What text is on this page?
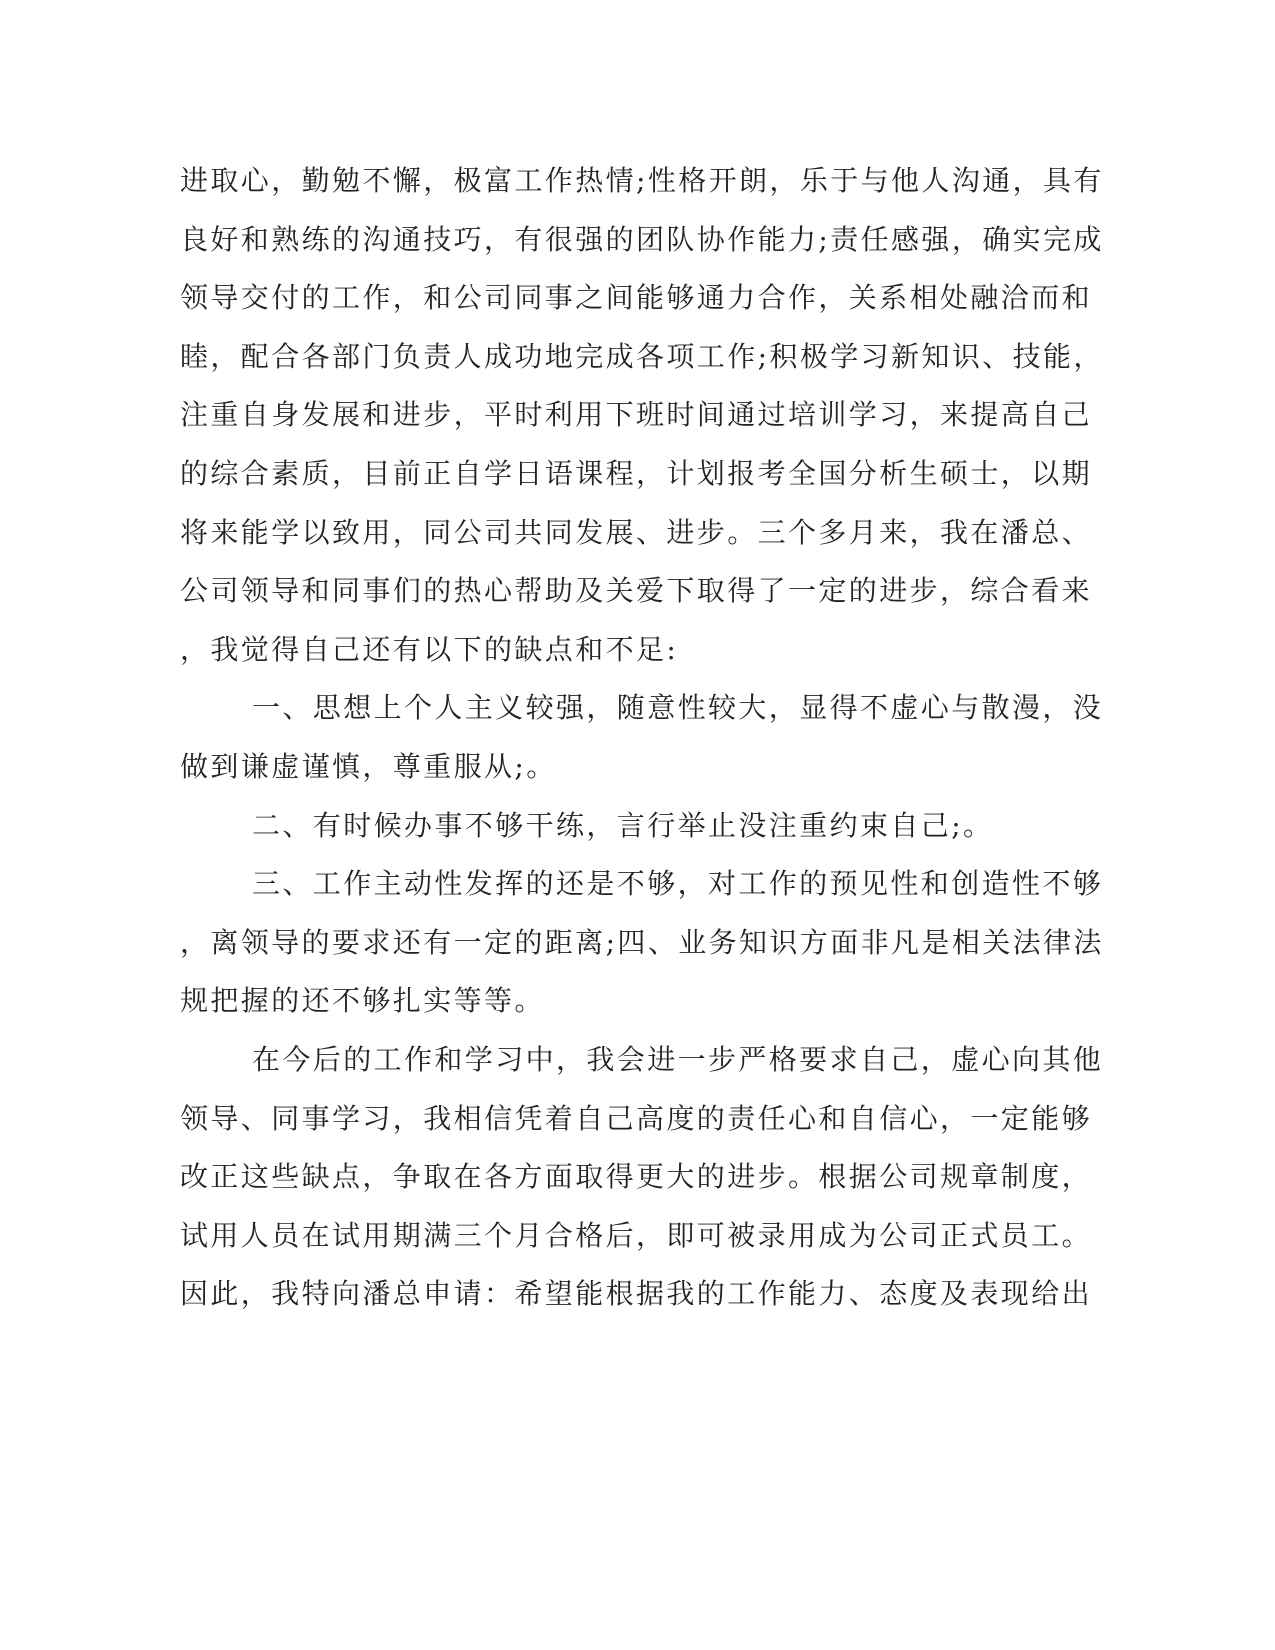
进取心，勤勉不懈，极富工作热情;性格开朗，乐于与他人沟通，具有
良好和熟练的沟通技巧，有很强的团队协作能力;责任感强，确实完成
领导交付的工作，和公司同事之间能够通力合作，关系相处融洽而和
睦，配合各部门负责人成功地完成各项工作;积极学习新知识、技能，
注重自身发展和进步，平时利用下班时间通过培训学习，来提高自己
的综合素质，目前正自学日语课程，计划报考全国分析生硕士，以期
将来能学以致用，同公司共同发展、进步。三个多月来，我在潘总、
公司领导和同事们的热心帮助及关爱下取得了一定的进步，综合看来
，我觉得自己还有以下的缺点和不足:
一、思想上个人主义较强，随意性较大，显得不虚心与散漫，没
做到谦虚谨慎，尊重服从;。
二、有时候办事不够干练，言行举止没注重约束自己;。
三、工作主动性发挥的还是不够，对工作的预见性和创造性不够
，离领导的要求还有一定的距离;四、业务知识方面非凡是相关法律法
规把握的还不够扎实等等。
在今后的工作和学习中，我会进一步严格要求自己，虚心向其他
领导、同事学习，我相信凭着自己高度的责任心和自信心，一定能够
改正这些缺点，争取在各方面取得更大的进步。根据公司规章制度，
试用人员在试用期满三个月合格后，即可被录用成为公司正式员工。
因此，我特向潘总申请：希望能根据我的工作能力、态度及表现给出
